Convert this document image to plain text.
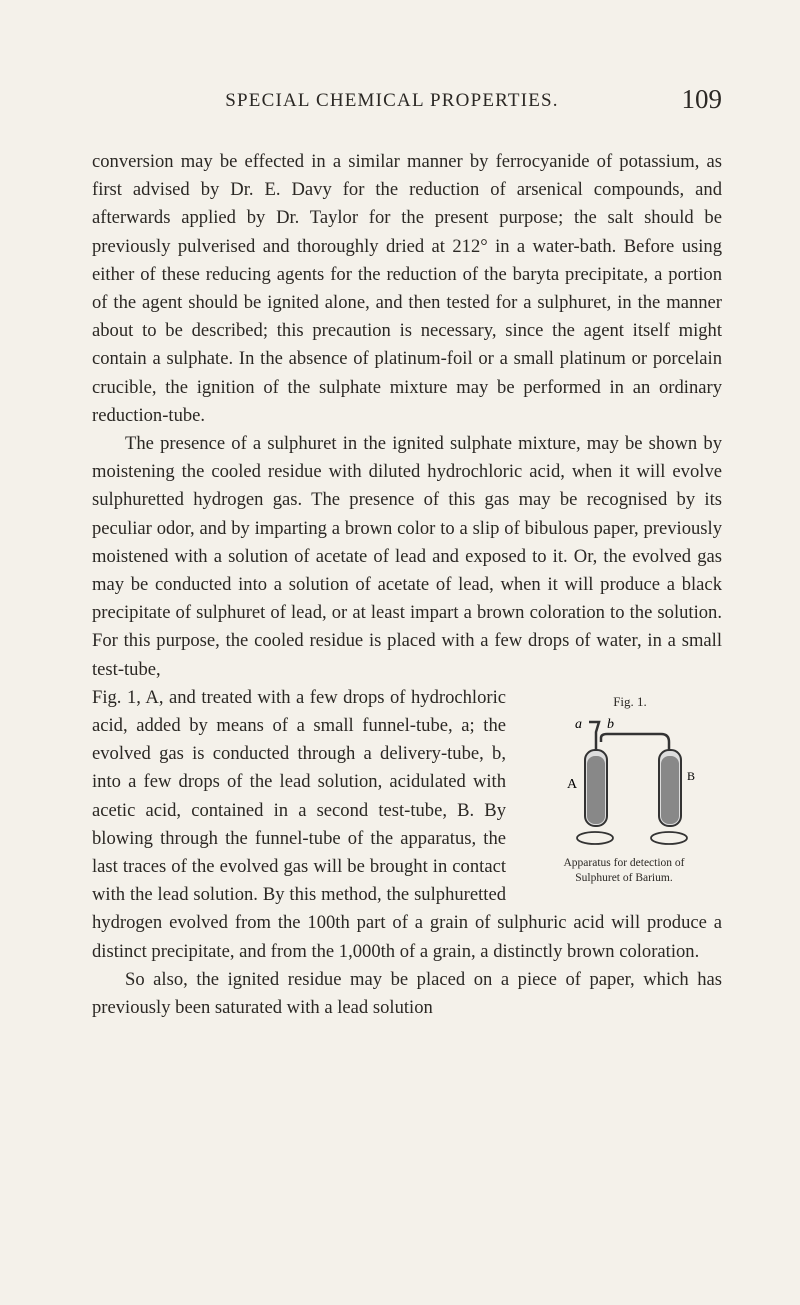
SPECIAL CHEMICAL PROPERTIES.	109

conversion may be effected in a similar manner by ferrocyanide of potassium, as first advised by Dr. E. Davy for the reduction of arsenical compounds, and afterwards applied by Dr. Taylor for the present purpose; the salt should be previously pulverised and thoroughly dried at 212° in a water-bath. Before using either of these reducing agents for the reduction of the baryta precipitate, a portion of the agent should be ignited alone, and then tested for a sulphuret, in the manner about to be described; this precaution is necessary, since the agent itself might contain a sulphate. In the absence of platinum-foil or a small platinum or porcelain crucible, the ignition of the sulphate mixture may be performed in an ordinary reduction-tube.

The presence of a sulphuret in the ignited sulphate mixture, may be shown by moistening the cooled residue with diluted hydrochloric acid, when it will evolve sulphuretted hydrogen gas. The presence of this gas may be recognised by its peculiar odor, and by imparting a brown color to a slip of bibulous paper, previously moistened with a solution of acetate of lead and exposed to it. Or, the evolved gas may be conducted into a solution of acetate of lead, when it will produce a black precipitate of sulphuret of lead, or at least impart a brown coloration to the solution. For this purpose, the cooled residue is placed with a few drops of water, in a small test-tube,

Fig. 1.
a b
A
B
Apparatus for detection of
Sulphuret of Barium.

Fig. 1, A, and treated with a few drops of hydrochloric acid, added by means of a small funnel-tube, a; the evolved gas is conducted through a delivery-tube, b, into a few drops of the lead solution, acidulated with acetic acid, contained in a second test-tube, B. By blowing through the funnel-tube of the apparatus, the last traces of the evolved gas will be brought in contact with the lead solution. By this method, the sulphuretted hydrogen evolved from the 100th part of a grain of sulphuric acid will produce a distinct precipitate, and from the 1,000th of a grain, a distinctly brown coloration.

So also, the ignited residue may be placed on a piece of paper, which has previously been saturated with a lead solution
